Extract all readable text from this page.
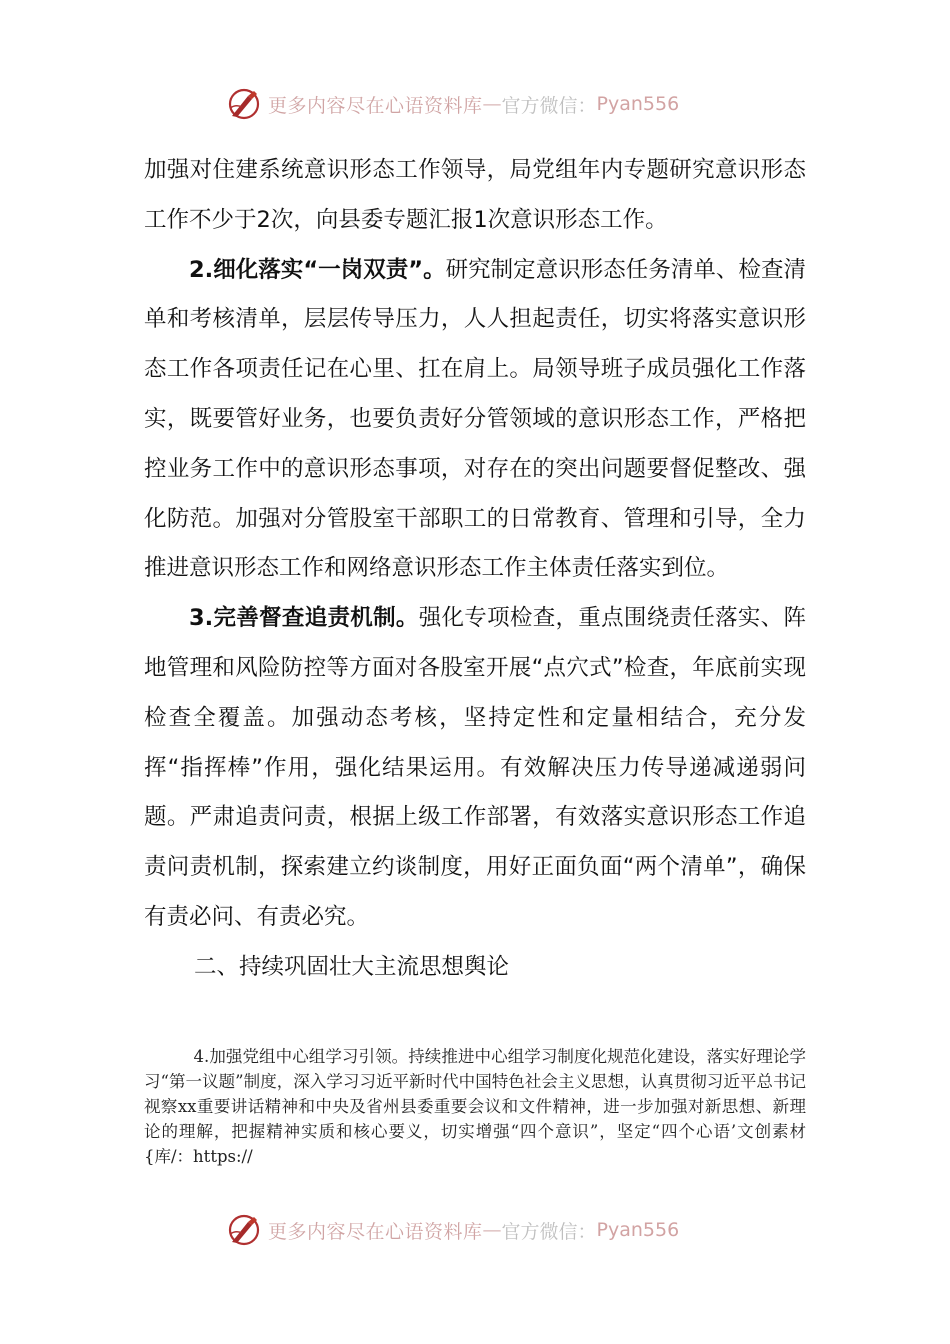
更多内容尽在心语资料库 — 官方微信： Pyan556

加强对住建系统意识形态工作领导，局党组年内专题研究意识形态工作不少于2次，向县委专题汇报1次意识形态工作。

2.细化落实“一岗双责”。研究制定意识形态任务清单、检查清单和考核清单，层层传导压力，人人担起责任，切实将落实意识形态工作各项责任记在心里、扛在肩上。局领导班子成员强化工作落实，既要管好业务，也要负责好分管领域的意识形态工作，严格把控业务工作中的意识形态事项，对存在的突出问题要督促整改、强化防范。加强对分管股室干部职工的日常教育、管理和引导，全力推进意识形态工作和网络意识形态工作主体责任落实到位。

3.完善督查追责机制。强化专项检查，重点围绕责任落实、阵地管理和风险防控等方面对各股室开展“点穴式”检查，年底前实现检查全覆盖。加强动态考核，坚持定性和定量相结合，充分发挥“指挥棒”作用，强化结果运用。有效解决压力传导递减递弱问题。严肃追责问责，根据上级工作部署，有效落实意识形态工作追责问责机制，探索建立约谈制度，用好正面负面“两个清单”，确保有责必问、有责必究。

二、持续巩固壮大主流思想舆论

4.加强党组中心组学习引领。持续推进中心组学习制度化规范化建设，落实好理论学习“第一议题”制度，深入学习习近平新时代中国特色社会主义思想，认真贯彻习近平总书记视察xx重要讲话精神和中央及省州县委重要会议和文件精神，进一步加强对新思想、新理论的理解，把握精神实质和核心要义，切实增强“四个意识”，坚定“四个心语’文创素材{库/：https://

更多内容尽在心语资料库 — 官方微信： Pyan556
